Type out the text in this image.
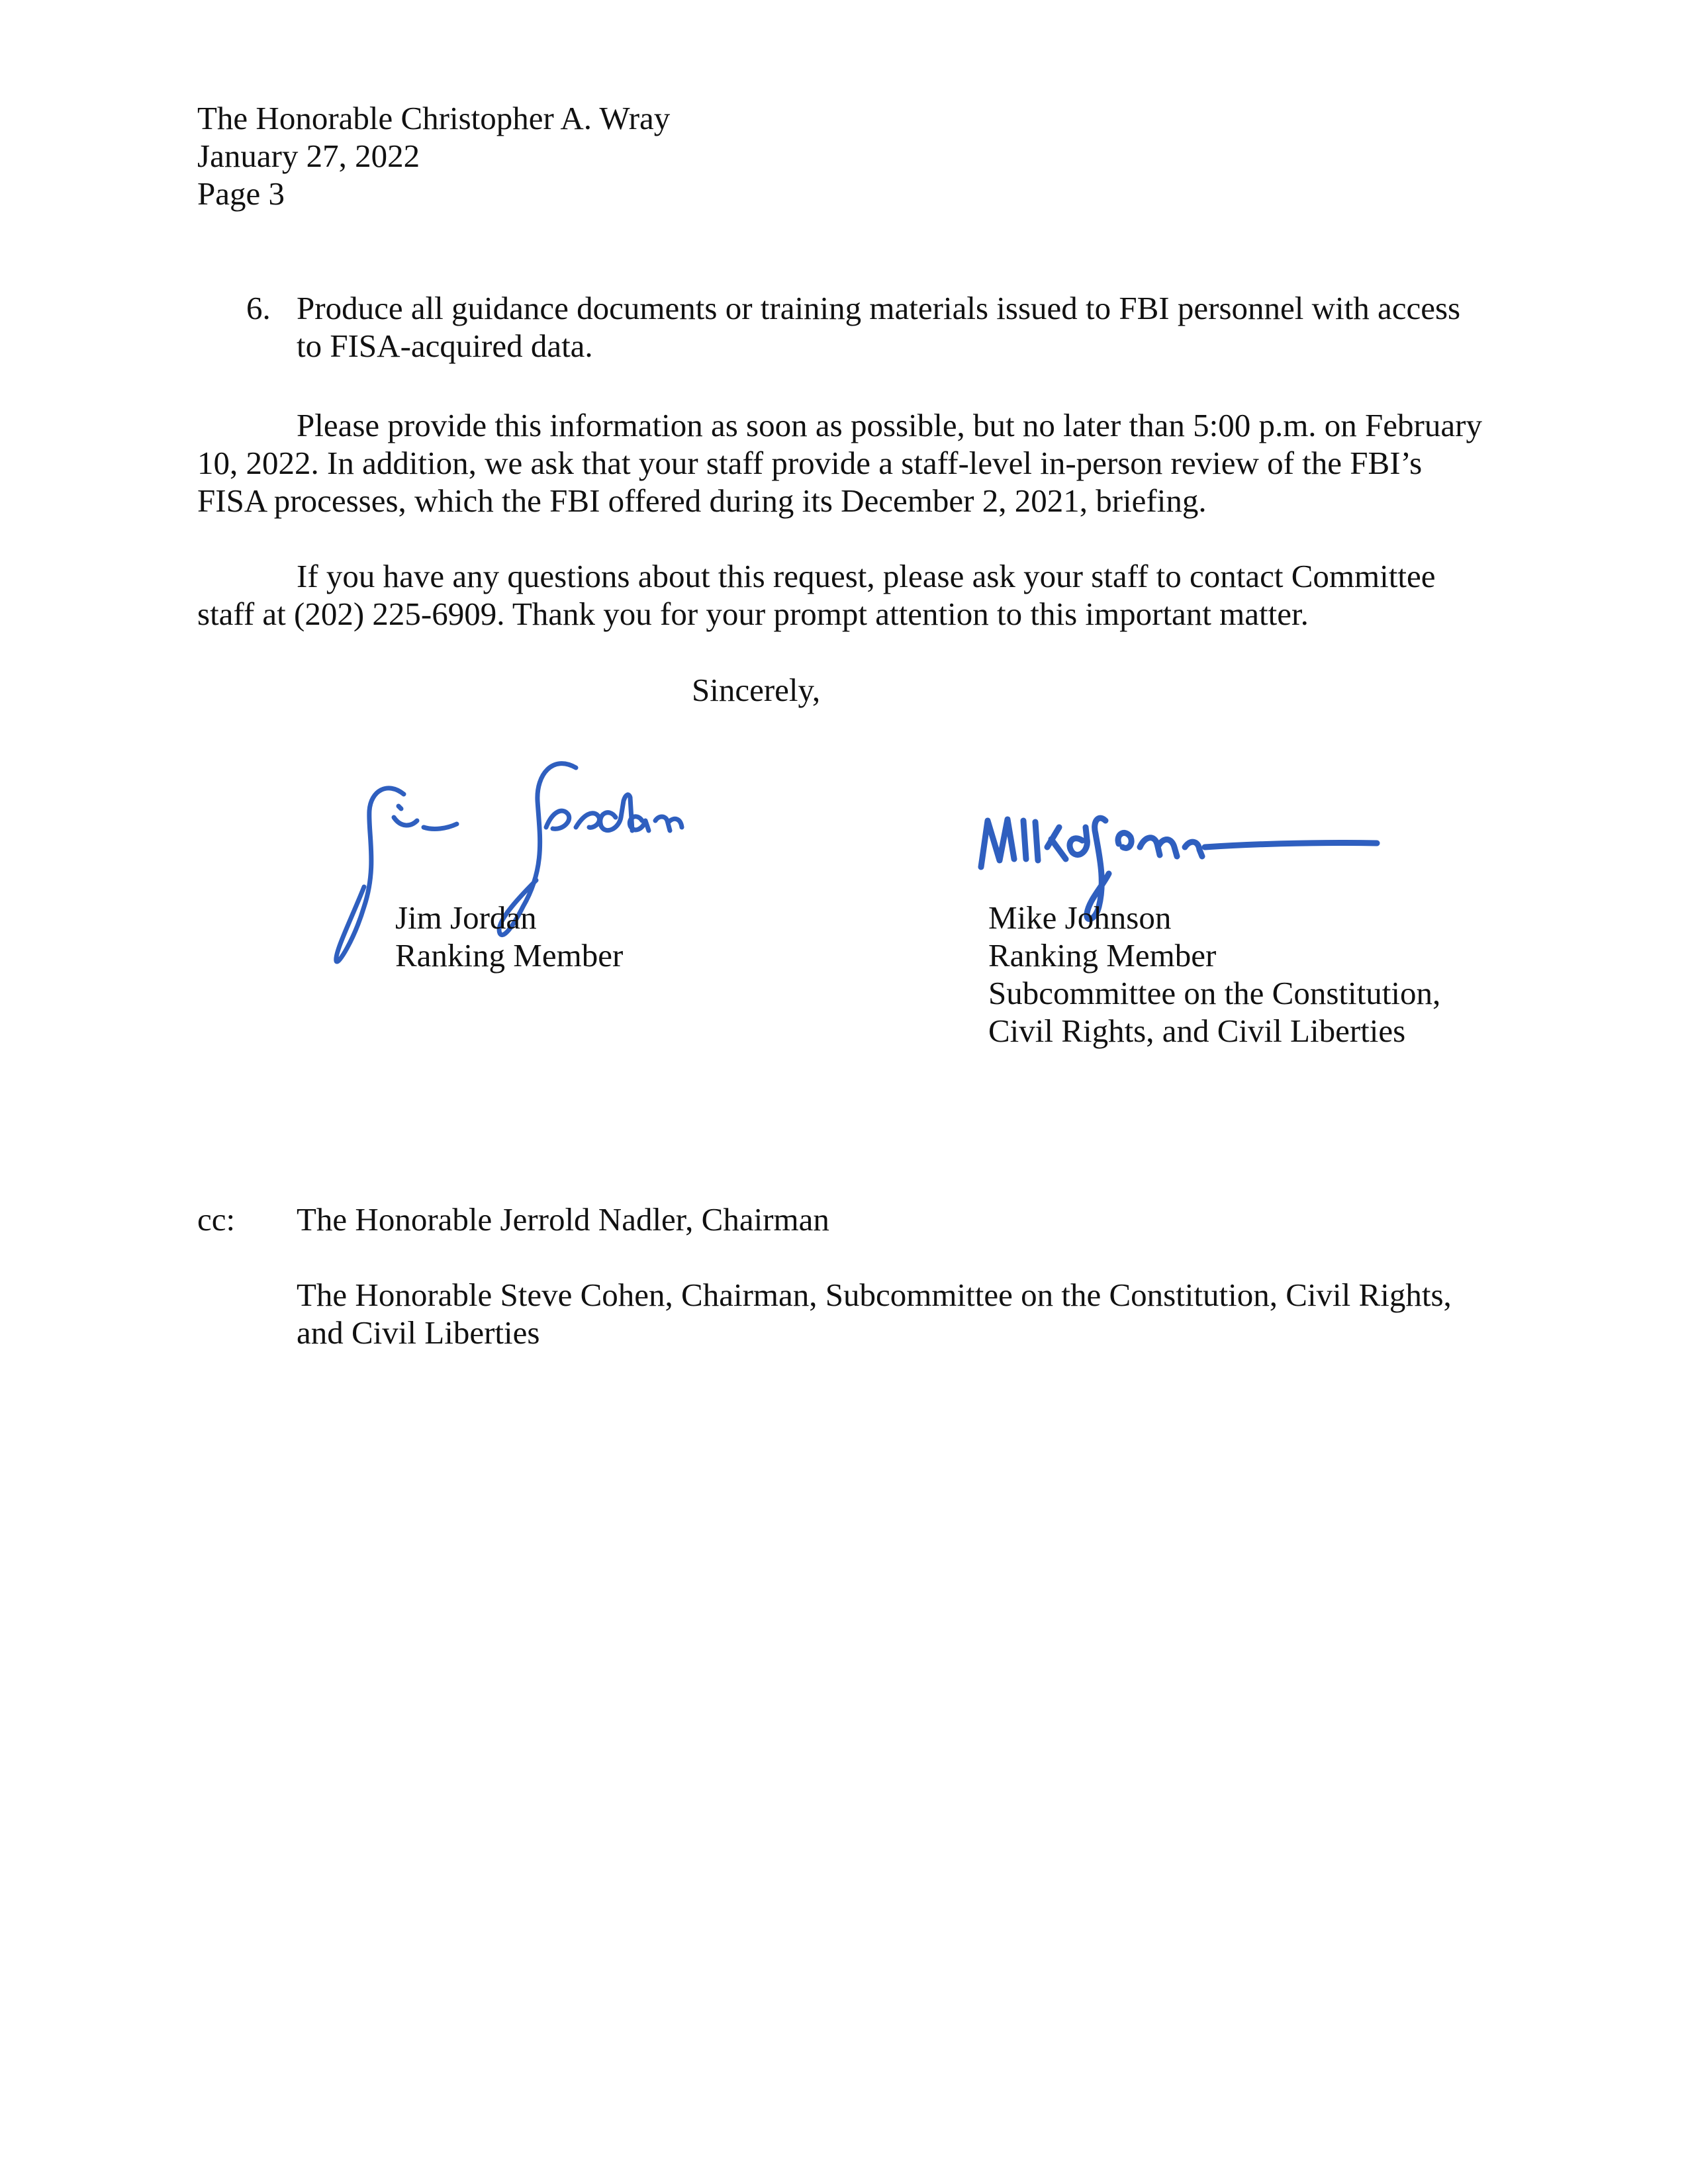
The Honorable Christopher A. Wray
January 27, 2022
Page 3
6. Produce all guidance documents or training materials issued to FBI personnel with access to FISA-acquired data.

Please provide this information as soon as possible, but no later than 5:00 p.m. on February 10, 2022. In addition, we ask that your staff provide a staff-level in-person review of the FBI’s FISA processes, which the FBI offered during its December 2, 2021, briefing.

If you have any questions about this request, please ask your staff to contact Committee staff at (202) 225-6909. Thank you for your prompt attention to this important matter.

Sincerely,
Jim Jordan
Ranking Member
Mike Johnson
Ranking Member
Subcommittee on the Constitution,
Civil Rights, and Civil Liberties
cc: The Honorable Jerrold Nadler, Chairman
The Honorable Steve Cohen, Chairman, Subcommittee on the Constitution, Civil Rights, and Civil Liberties
